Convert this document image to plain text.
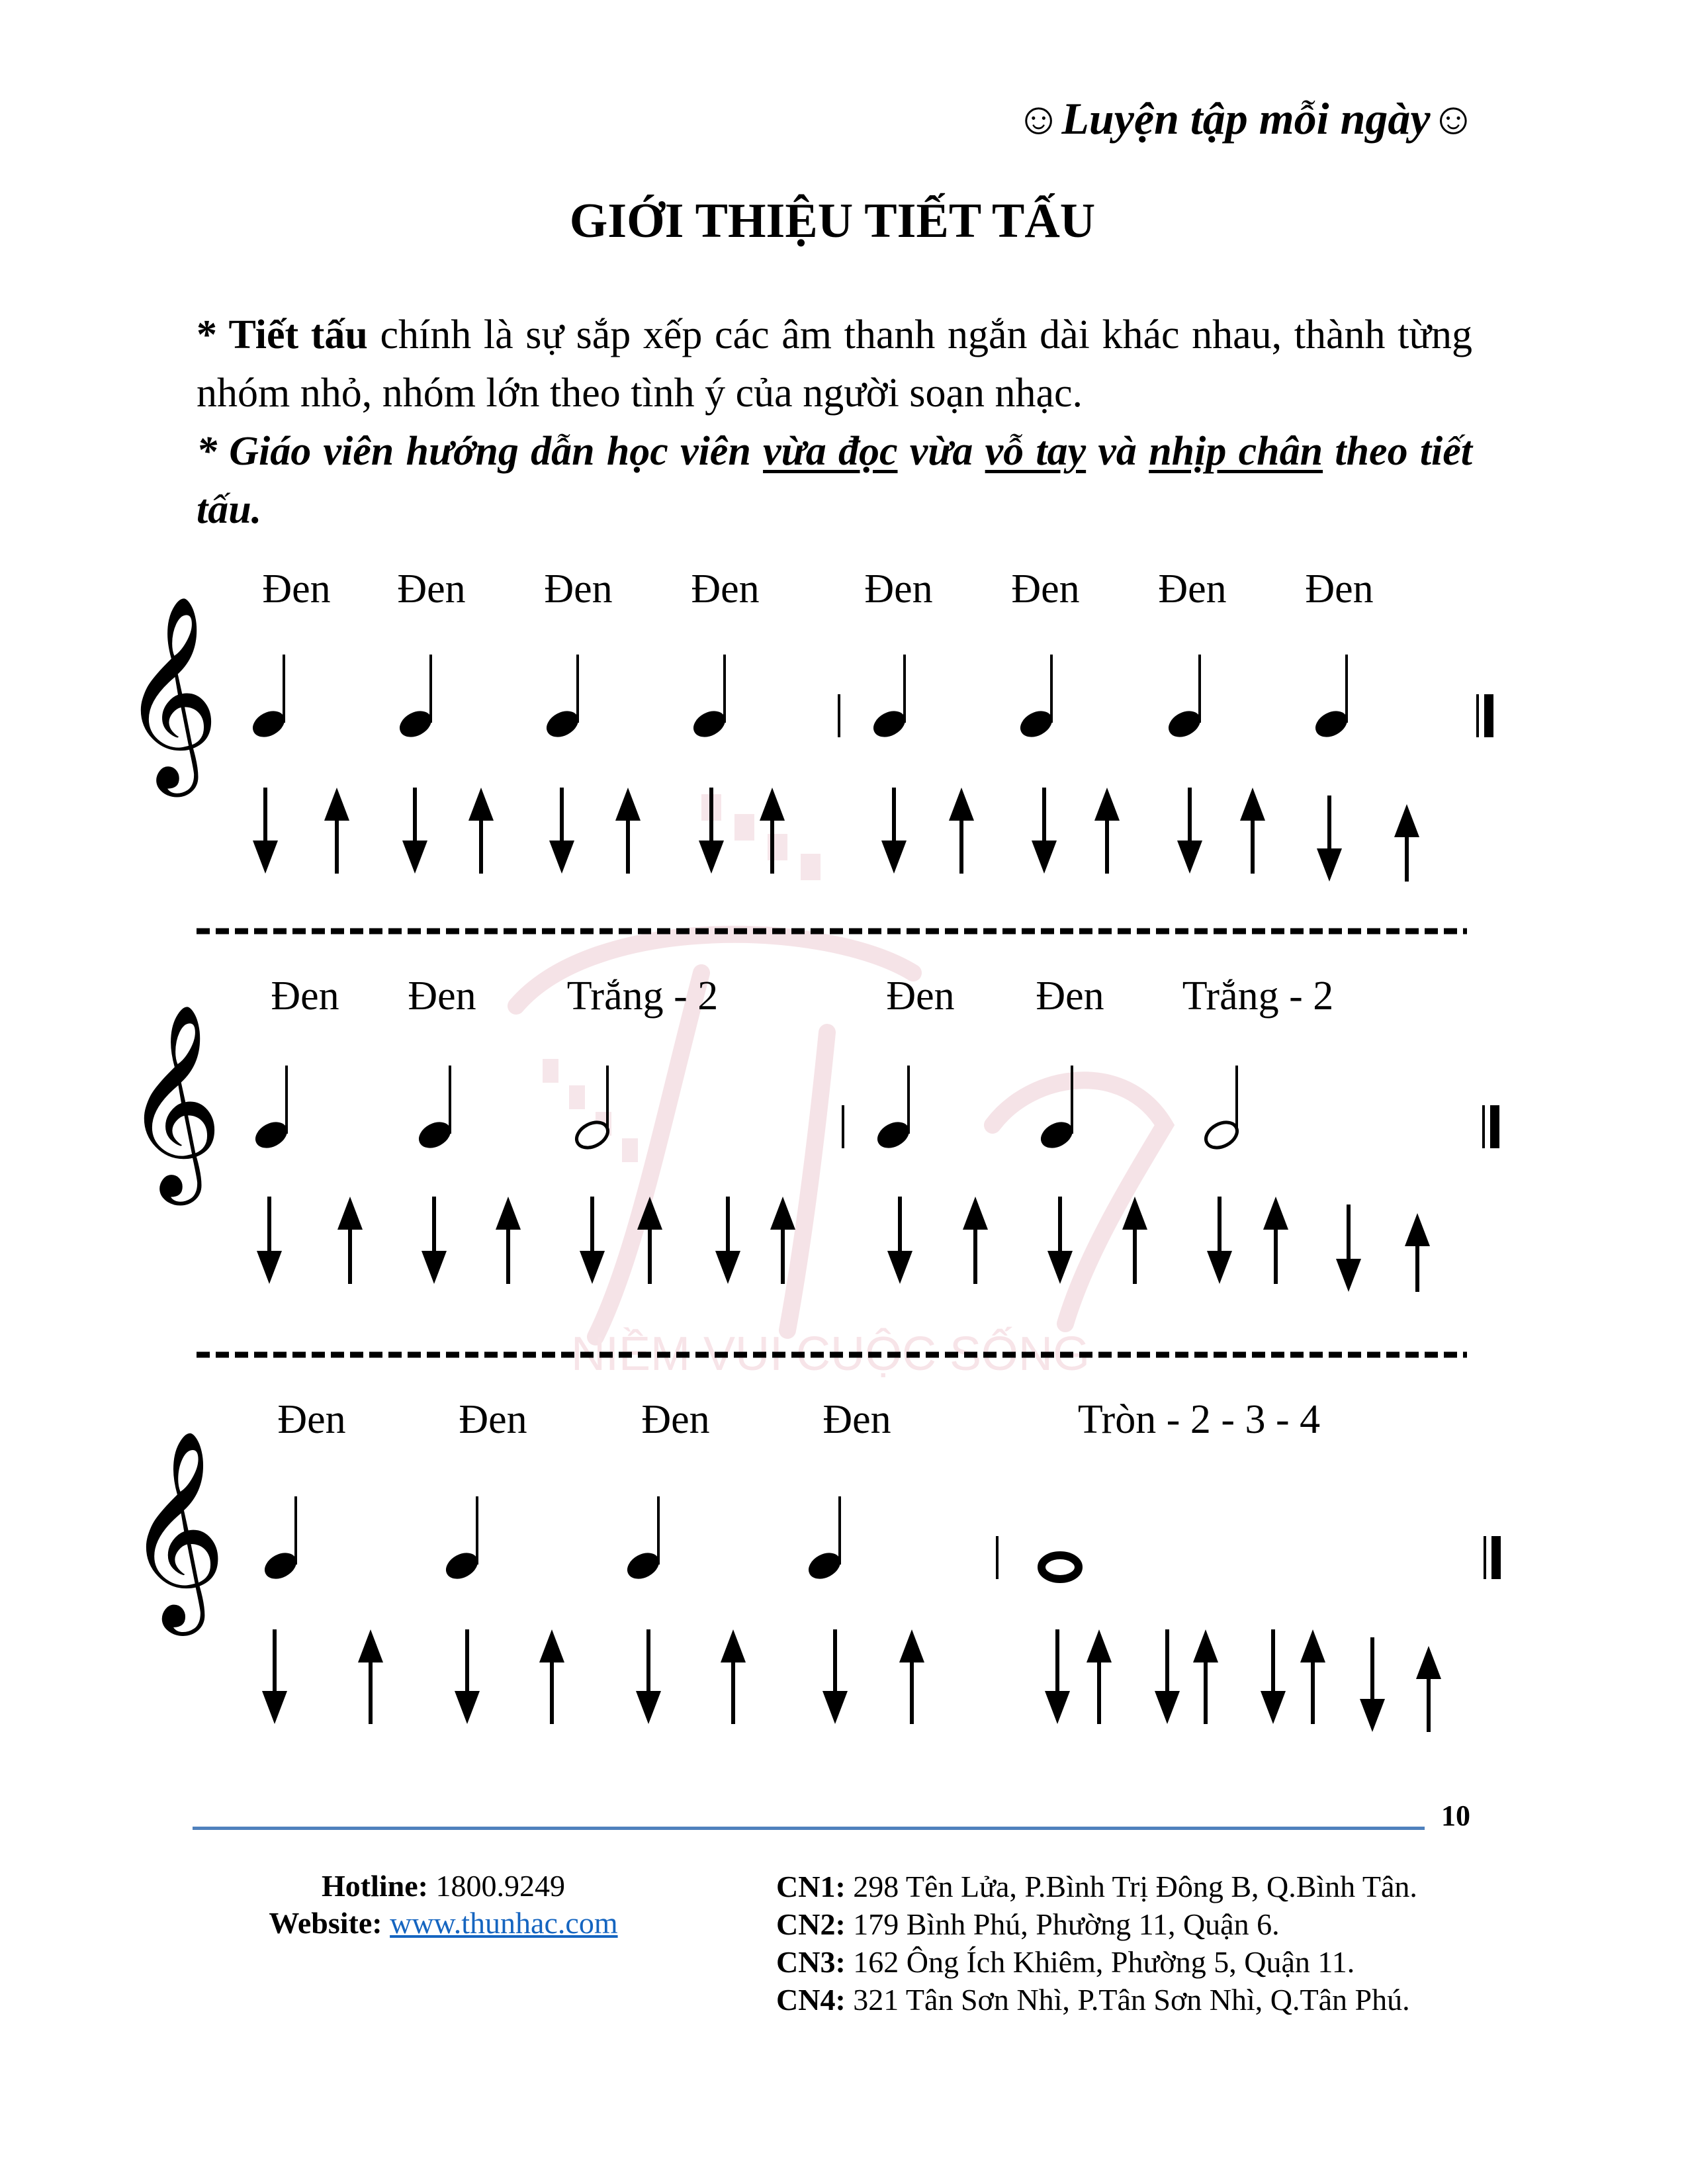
NIỀM VUI CUỘC SỐNG
☺Luyện tập mỗi ngày☺
GIỚI THIỆU TIẾT TẤU
* Tiết tấu chính là sự sắp xếp các âm thanh ngắn dài khác nhau, thành từng nhóm nhỏ, nhóm lớn theo tình ý của người soạn nhạc.
* Giáo viên hướng dẫn học viên vừa đọc vừa vỗ tay và nhịp chân theo tiết tấu.
Đen Đen Đen Đen	Đen Đen Đen Đen
Đen Đen Trắng - 2	Đen Đen Trắng - 2
Đen	Đen	Đen	Đen	Tròn - 2 - 3 - 4
𝄞
𝄞
𝄞
10
Hotline: 1800.9249
Website: www.thunhac.com
CN1: 298 Tên Lửa, P.Bình Trị Đông B, Q.Bình Tân.
CN2: 179 Bình Phú, Phường 11, Quận 6.
CN3: 162 Ông Ích Khiêm, Phường 5, Quận 11.
CN4: 321 Tân Sơn Nhì, P.Tân Sơn Nhì, Q.Tân Phú.
